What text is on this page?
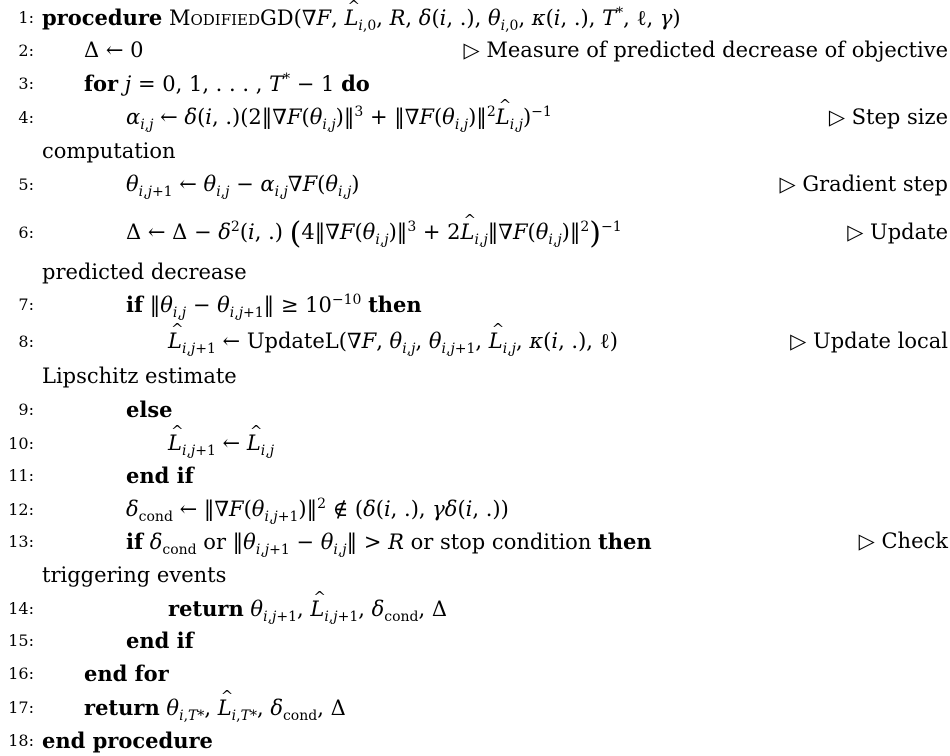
1: procedure ModifiedGD(∇F, ^ $L_{i,0}$, R, δ(i, .), $\theta_{i,0}$, κ(i, .), T*, ℓ, γ)
2: Δ ← 0	▷ Measure of predicted decrease of objective
3: for j = 0, 1, . . . , T* − 1 do
4:	$\alpha_{i,j}$ ← δ(i, $.)(2‖\nabla F(\theta_{i,j})‖^3$ + $‖\nabla F(\theta_{i,j})‖^2\^{}$ $L_{i,j})^{-1}$	▷ Step size
computation
5:	$\theta_{i,j+1}$ ← $\theta_{i,j} - \alpha_{i,j}\nabla F(\theta_{i,j})$	▷ Gradient step
6:	Δ ← $\Delta - \delta^2(i$, .) ($4‖\nabla F(\theta_{i,j})‖^3$ + 2^ $L_{i,j}‖\nabla F(\theta_{i,j})‖^2)^{-1}$	▷ Update
predicted decrease
7:	if $‖\theta_{i,j}$ − $\theta_{i,j+1}‖ \ge 10^{-10}$ then
8:	^ $L_{i,j+1}$ ← UpdateL(∇F, $\theta_{i,j}$, $\theta_{i,j+1}$, ^ $L_{i,j}$, κ(i, .), ℓ)	▷ Update local
Lipschitz estimate
9:	else
10:	^ $L_{i,j+1}$ ← ^ $L_{i,j}$
11:	end if
12:	$\delta_{cond}$ ← $‖\nabla F(\theta_{i,j+1})‖^2$ ∉ (δ(i, .), γδ(i, .))
13:	if $\delta_{cond}$ or $‖\theta_{i,j+1}$ − $\theta_{i,j}‖ > R$ or stop condition then	▷ Check
triggering events
14:	return $\theta_{i,j+1}$, ^ $L_{i,j+1}$, $\delta_{cond}$, Δ
15:	end if
16: end for
17: return $\theta_{i,T*}$, ^ $L_{i,T*}$, $\delta_{cond}$, Δ
18: end procedure
